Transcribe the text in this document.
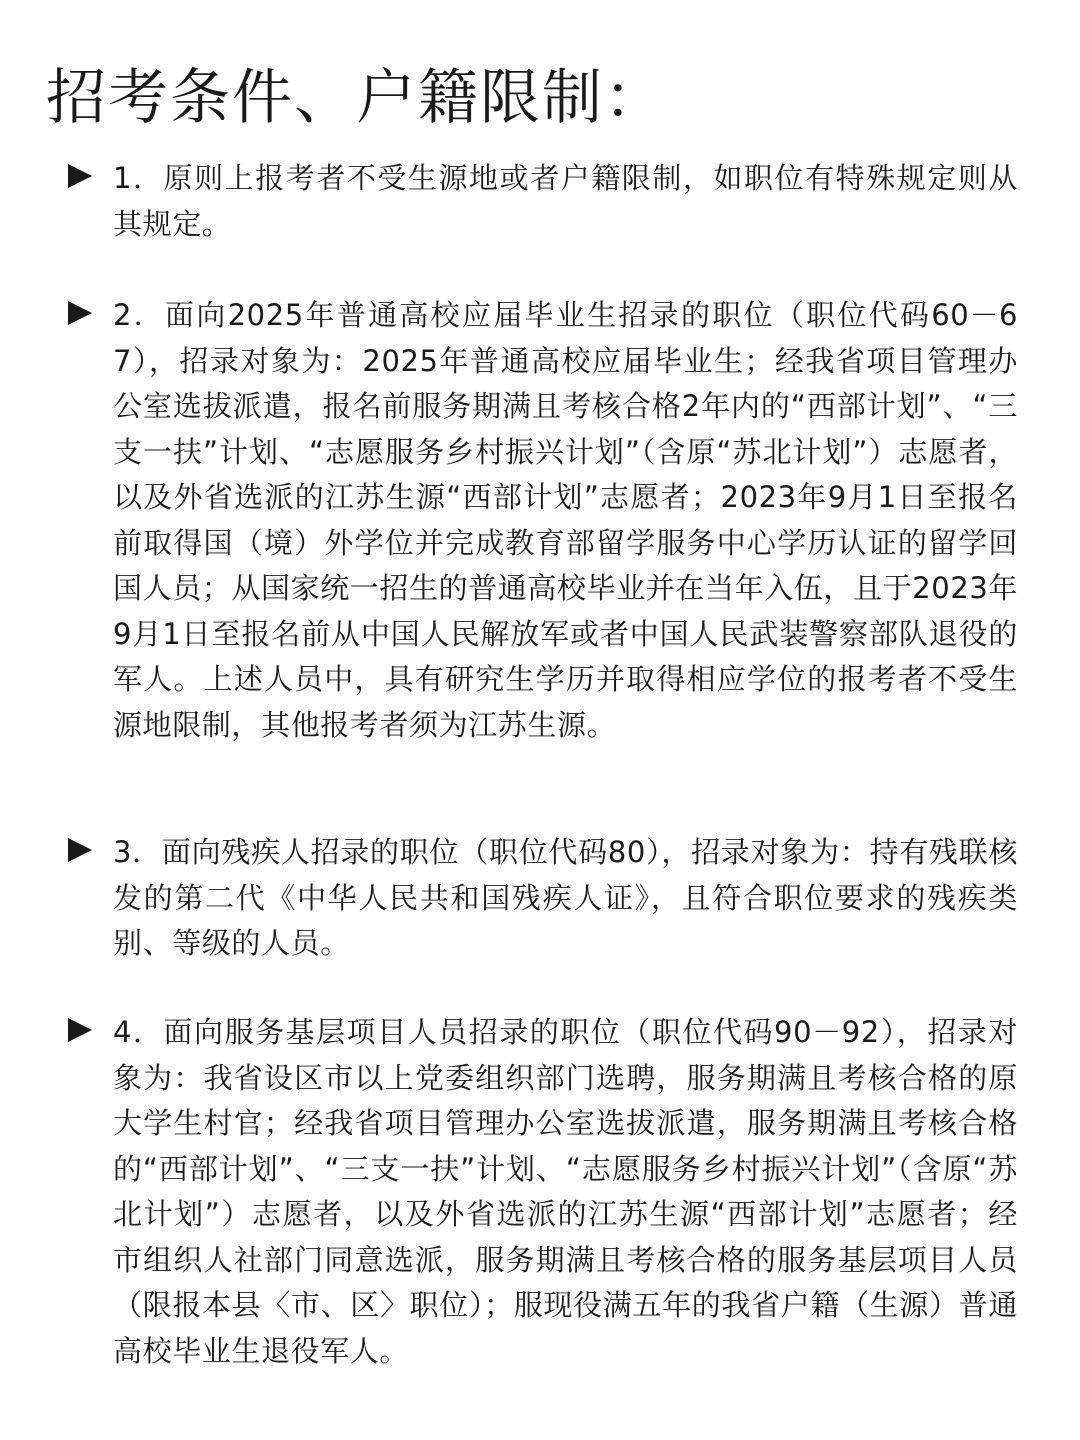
招考条件、户籍限制：

1．原则上报考者不受生源地或者户籍限制，如职位有特殊规定则从其规定。

2．面向2025年普通高校应届毕业生招录的职位（职位代码60－67），招录对象为：2025年普通高校应届毕业生；经我省项目管理办公室选拔派遣，报名前服务期满且考核合格2年内的“西部计划”、“三支一扶”计划、“志愿服务乡村振兴计划”（含原“苏北计划”）志愿者，以及外省选派的江苏生源“西部计划”志愿者；2023年9月1日至报名前取得国（境）外学位并完成教育部留学服务中心学历认证的留学回国人员；从国家统一招生的普通高校毕业并在当年入伍，且于2023年9月1日至报名前从中国人民解放军或者中国人民武装警察部队退役的军人。上述人员中，具有研究生学历并取得相应学位的报考者不受生源地限制，其他报考者须为江苏生源。

3．面向残疾人招录的职位（职位代码80），招录对象为：持有残联核发的第二代《中华人民共和国残疾人证》，且符合职位要求的残疾类别、等级的人员。

4．面向服务基层项目人员招录的职位（职位代码90－92），招录对象为：我省设区市以上党委组织部门选聘，服务期满且考核合格的原大学生村官；经我省项目管理办公室选拔派遣，服务期满且考核合格的“西部计划”、“三支一扶”计划、“志愿服务乡村振兴计划”（含原“苏北计划”）志愿者，以及外省选派的江苏生源“西部计划”志愿者；经市组织人社部门同意选派，服务期满且考核合格的服务基层项目人员（限报本县〈市、区〉职位）；服现役满五年的我省户籍（生源）普通高校毕业生退役军人。
